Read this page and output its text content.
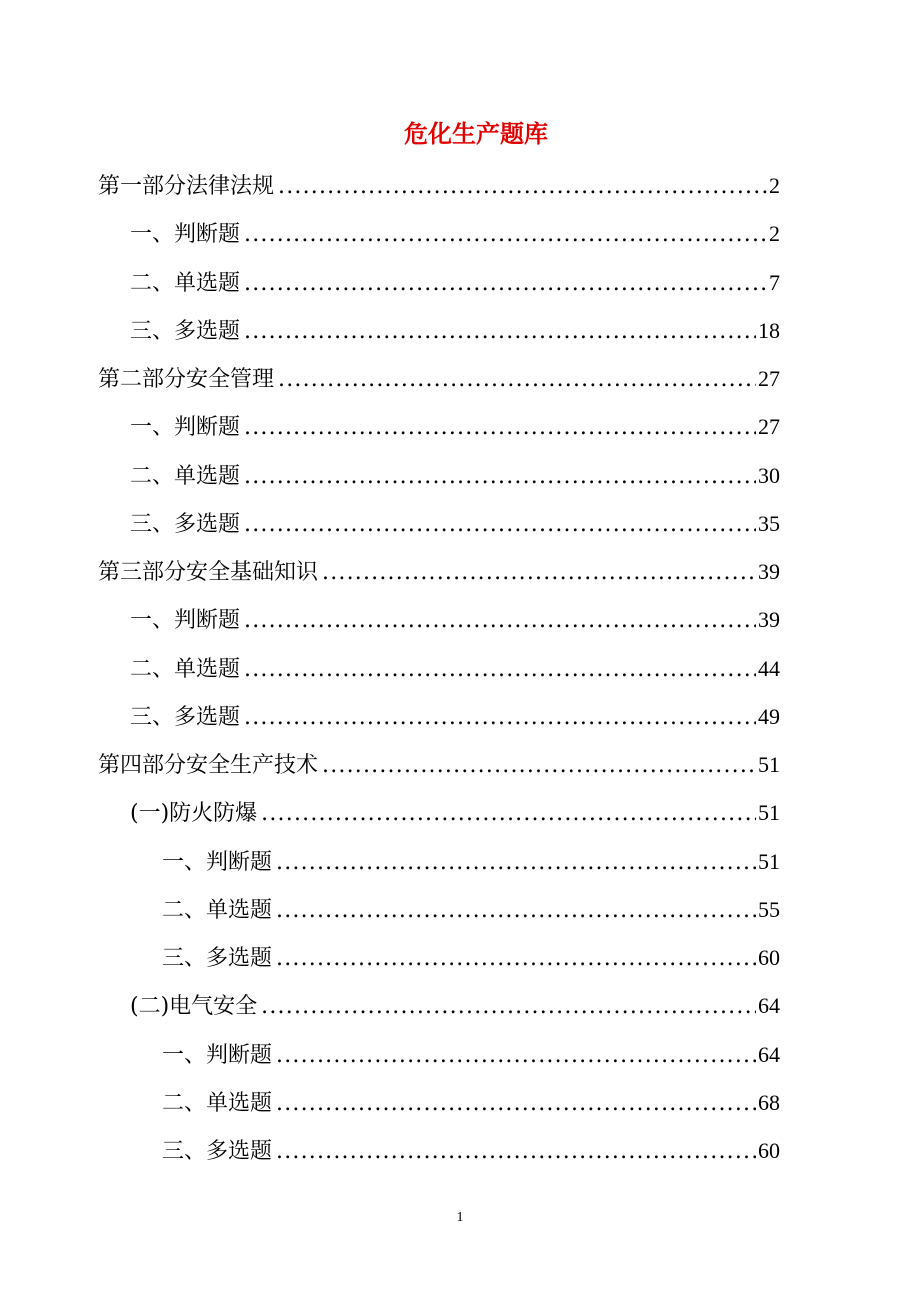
危化生产题库
第一部分法律法规 .....	2
一、判断题 .....	2
二、单选题 .....	7
三、多选题 .....	18
第二部分安全管理 .....	27
一、判断题 .....	27
二、单选题 .....	30
三、多选题 .....	35
第三部分安全基础知识 .....	39
一、判断题 .....	39
二、单选题 .....	44
三、多选题 .....	49
第四部分安全生产技术 .....	51
(一)防火防爆 .....	51
一、判断题 .....	51
二、单选题 .....	55
三、多选题 .....	60
(二)电气安全 .....	64
一、判断题 .....	64
二、单选题 .....	68
三、多选题 .....	60
1
